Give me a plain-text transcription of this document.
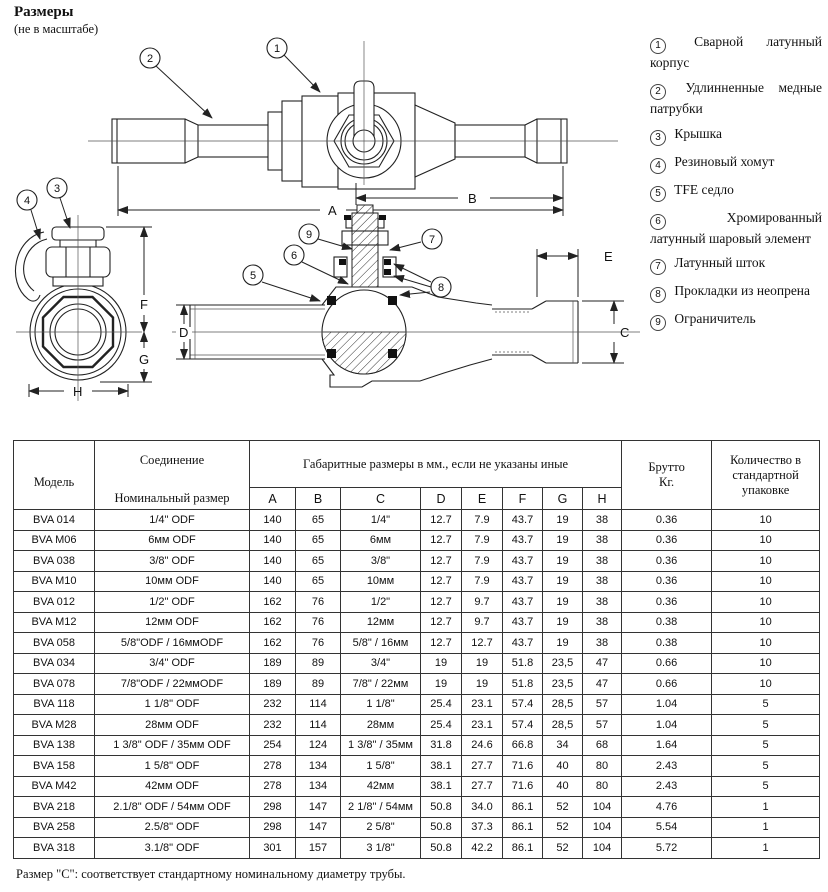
Размеры
(не в масштабе)
B
A
1
2
3
4
F
G
H
D	C
E
5
6
9	7
8
1 Сварной латунный корпус
2 Удлинненные медные патрубки
3 Крышка
4 Резиновый хомут
5 TFE седло
6 Хромированный латунный шаровый элемент
7 Латунный шток
8 Прокладки из неопрена
9 Ограничитель
Модель

Соединение
Номинальный размер
	Габаритные размеры в мм., если не указаны иные	Брутто
Кг.
	Количество в стандартной упаковке
		A	B	C	D	E	F	G	H		
BVA 014	1/4" ODF	140	65	1/4"	12.7	7.9	43.7	19	38	0.36	10
BVA M06	6мм ODF	140	65	6мм	12.7	7.9	43.7	19	38	0.36	10
BVA 038	3/8" ODF	140	65	3/8"	12.7	7.9	43.7	19	38	0.36	10
BVA M10	10мм ODF	140	65	10мм	12.7	7.9	43.7	19	38	0.36	10
BVA 012	1/2" ODF	162	76	1/2"	12.7	9.7	43.7	19	38	0.36	10
BVA M12	12мм ODF	162	76	12мм	12.7	9.7	43.7	19	38	0.38	10
BVA 058	5/8"ODF / 16ммODF	162	76	5/8" / 16мм	12.7	12.7	43.7	19	38	0.38	10
BVA 034	3/4" ODF	189	89	3/4"	19	19	51.8	23,5	47	0.66	10
BVA 078	7/8"ODF / 22ммODF	189	89	7/8" / 22мм	19	19	51.8	23,5	47	0.66	10
BVA 118	1 1/8" ODF	232	114	1 1/8"	25.4	23.1	57.4	28,5	57	1.04	5
BVA M28	28мм ODF	232	114	28мм	25.4	23.1	57.4	28,5	57	1.04	5
BVA 138	1 3/8" ODF / 35мм ODF	254	124	1 3/8" / 35мм	31.8	24.6	66.8	34	68	1.64	5
BVA 158	1 5/8" ODF	278	134	1 5/8"	38.1	27.7	71.6	40	80	2.43	5
BVA M42	42мм ODF	278	134	42мм	38.1	27.7	71.6	40	80	2.43	5
BVA 218	2.1/8" ODF / 54мм ODF	298	147	2 1/8" / 54мм	50.8	34.0	86.1	52	104	4.76	1
BVA 258	2.5/8" ODF	298	147	2 5/8"	50.8	37.3	86.1	52	104	5.54	1
BVA 318	3.1/8" ODF	301	157	3 1/8"	50.8	42.2	86.1	52	104	5.72	1
Размер "С": соответствует стандартному номинальному диаметру трубы.
